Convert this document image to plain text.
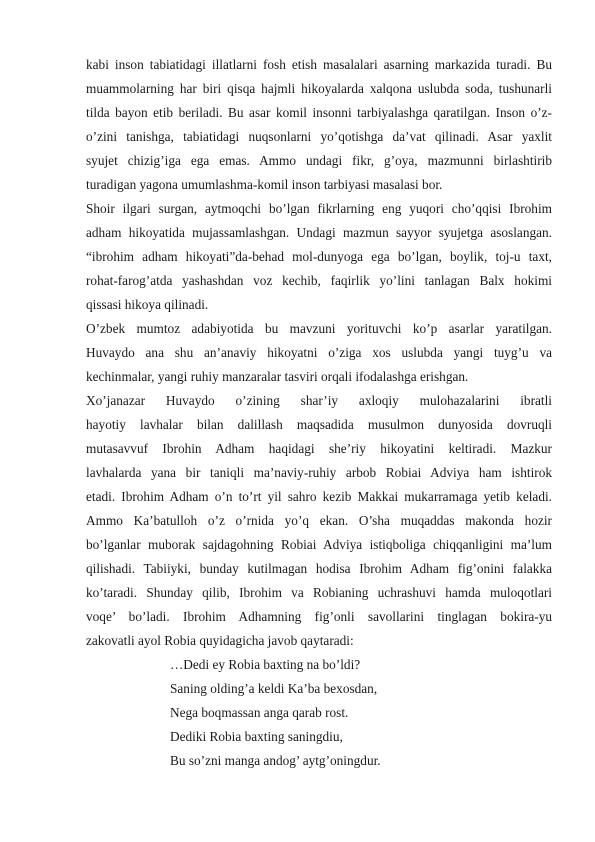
kabi inson tabiatidagi illatlarni fosh etish masalalari asarning markazida turadi. Bu
muammolarning har biri qisqa hajmli hikoyalarda xalqona uslubda soda, tushunarli
tilda bayon etib beriladi. Bu asar komil insonni tarbiyalashga qaratilgan. Inson o’z-
o’zini tanishga, tabiatidagi nuqsonlarni yo’qotishga da’vat qilinadi. Asar yaxlit
syujet chizig’iga ega emas. Ammo undagi fikr, g’oya, mazmunni birlashtirib
turadigan yagona umumlashma-komil inson tarbiyasi masalasi bor.
Shoir ilgari surgan, aytmoqchi bo’lgan fikrlarning eng yuqori cho’qqisi Ibrohim
adham hikoyatida mujassamlashgan. Undagi mazmun sayyor syujetga asoslangan.
“ibrohim adham hikoyati”da-behad mol-dunyoga ega bo’lgan, boylik, toj-u taxt,
rohat-farog’atda yashashdan voz kechib, faqirlik yo’lini tanlagan Balx hokimi
qissasi hikoya qilinadi.
O’zbek mumtoz adabiyotida bu mavzuni yorituvchi ko’p asarlar yaratilgan.
Huvaydo ana shu an’anaviy hikoyatni o’ziga xos uslubda yangi tuyg’u va
kechinmalar, yangi ruhiy manzaralar tasviri orqali ifodalashga erishgan.
Xo’janazar Huvaydo o’zining shar’iy axloqiy mulohazalarini ibratli
hayotiy lavhalar bilan dalillash maqsadida musulmon dunyosida dovruqli
mutasavvuf Ibrohin Adham haqidagi she’riy hikoyatini keltiradi. Mazkur
lavhalarda yana bir taniqli ma’naviy-ruhiy arbob Robiai Adviya ham ishtirok
etadi. Ibrohim Adham o’n to’rt yil sahro kezib Makkai mukarramaga yetib keladi.
Ammo Ka’batulloh o’z o’rnida yo’q ekan. O’sha muqaddas makonda hozir
bo’lganlar muborak sajdagohning Robiai Adviya istiqboliga chiqqanligini ma’lum
qilishadi. Tabiiyki, bunday kutilmagan hodisa Ibrohim Adham fig’onini falakka
ko’taradi. Shunday qilib, Ibrohim va Robianing uchrashuvi hamda muloqotlari
voqe’ bo’ladi. Ibrohim Adhamning fig’onli savollarini tinglagan bokira-yu
zakovatli ayol Robia quyidagicha javob qaytaradi:
…Dedi ey Robia baxting na bo’ldi?
Saning olding’a keldi Ka’ba bexosdan,
Nega boqmassan anga qarab rost.
Dediki Robia baxting saningdiu,
Bu so’zni manga andog’ aytg’oningdur.
